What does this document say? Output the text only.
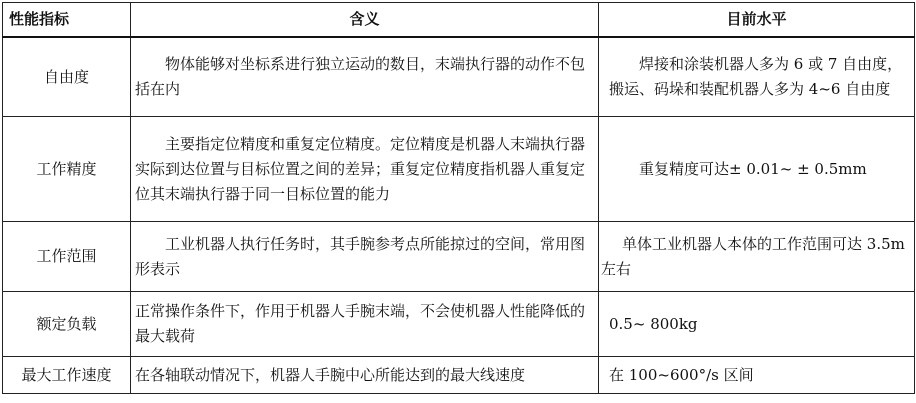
性能指标	含义	目前水平
自由度	物体能够对坐标系进行独立运动的数目，末端执行器的动作不包括在内	焊接和涂装机器人多为 6 或 7 自由度，搬运、码垛和装配机器人多为 4~6 自由度
工作精度	主要指定位精度和重复定位精度。定位精度是机器人末端执行器实际到达位置与目标位置之间的差异；重复定位精度指机器人重复定位其末端执行器于同一目标位置的能力	重复精度可达± 0.01~ ± 0.5mm
工作范围	工业机器人执行任务时，其手腕参考点所能掠过的空间，常用图形表示	单体工业机器人本体的工作范围可达 3.5m 左右
额定负载	正常操作条件下，作用于机器人手腕末端，不会使机器人性能降低的最大载荷	0.5~ 800kg
最大工作速度	在各轴联动情况下，机器人手腕中心所能达到的最大线速度	在 100~600°/s 区间
